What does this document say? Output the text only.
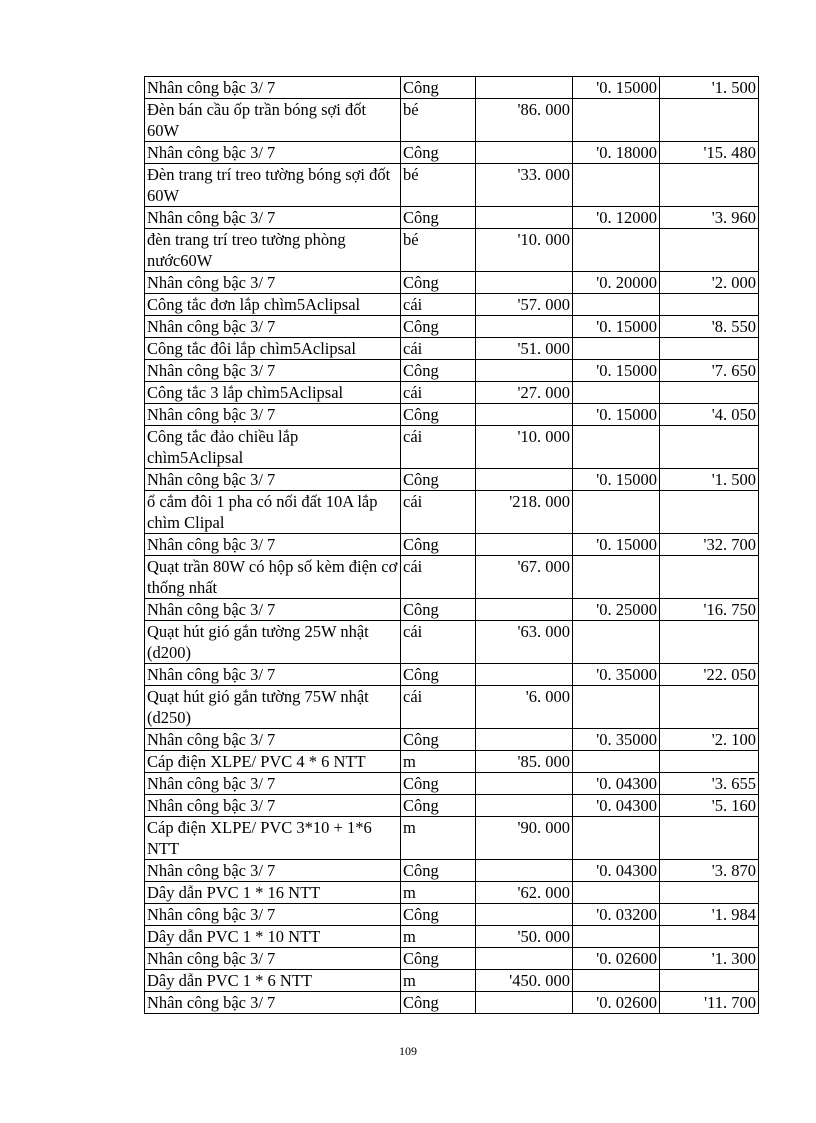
Nhân công bậc 3/ 7	Công		'0. 15000	'1. 500
Đèn bán cầu ốp trần bóng sợi đốt 60W	bé	'86. 000		
Nhân công bậc 3/ 7	Công		'0. 18000	'15. 480
Đèn trang trí treo tường bóng sợi đốt 60W	bé	'33. 000		
Nhân công bậc 3/ 7	Công		'0. 12000	'3. 960
đèn trang trí treo tường phòng nước60W	bé	'10. 000		
Nhân công bậc 3/ 7	Công		'0. 20000	'2. 000
Công tắc đơn lắp chìm5Aclipsal	cái	'57. 000		
Nhân công bậc 3/ 7	Công		'0. 15000	'8. 550
Công tắc đôi lắp chìm5Aclipsal	cái	'51. 000		
Nhân công bậc 3/ 7	Công		'0. 15000	'7. 650
Công tắc 3 lắp chìm5Aclipsal	cái	'27. 000		
Nhân công bậc 3/ 7	Công		'0. 15000	'4. 050
Công tắc đảo chiều lắp chìm5Aclipsal	cái	'10. 000		
Nhân công bậc 3/ 7	Công		'0. 15000	'1. 500
ổ cắm đôi 1 pha có nối đất 10A lắp chìm Clipal	cái	'218. 000		
Nhân công bậc 3/ 7	Công		'0. 15000	'32. 700
Quạt trần 80W có hộp số kèm điện cơ thống nhất	cái	'67. 000		
Nhân công bậc 3/ 7	Công		'0. 25000	'16. 750
Quạt hút gió gắn tường 25W nhật (d200)	cái	'63. 000		
Nhân công bậc 3/ 7	Công		'0. 35000	'22. 050
Quạt hút gió gắn tường 75W nhật (d250)	cái	'6. 000		
Nhân công bậc 3/ 7	Công		'0. 35000	'2. 100
Cáp điện XLPE/ PVC 4 * 6 NTT	m	'85. 000		
Nhân công bậc 3/ 7	Công		'0. 04300	'3. 655
Nhân công bậc 3/ 7	Công		'0. 04300	'5. 160
Cáp điện XLPE/ PVC 3*10 + 1*6 NTT	m	'90. 000		
Nhân công bậc 3/ 7	Công		'0. 04300	'3. 870
Dây dẫn PVC 1 * 16 NTT	m	'62. 000		
Nhân công bậc 3/ 7	Công		'0. 03200	'1. 984
Dây dẫn PVC 1 * 10 NTT	m	'50. 000		
Nhân công bậc 3/ 7	Công		'0. 02600	'1. 300
Dây dẫn PVC 1 * 6 NTT	m	'450. 000		
Nhân công bậc 3/ 7	Công		'0. 02600	'11. 700
109
